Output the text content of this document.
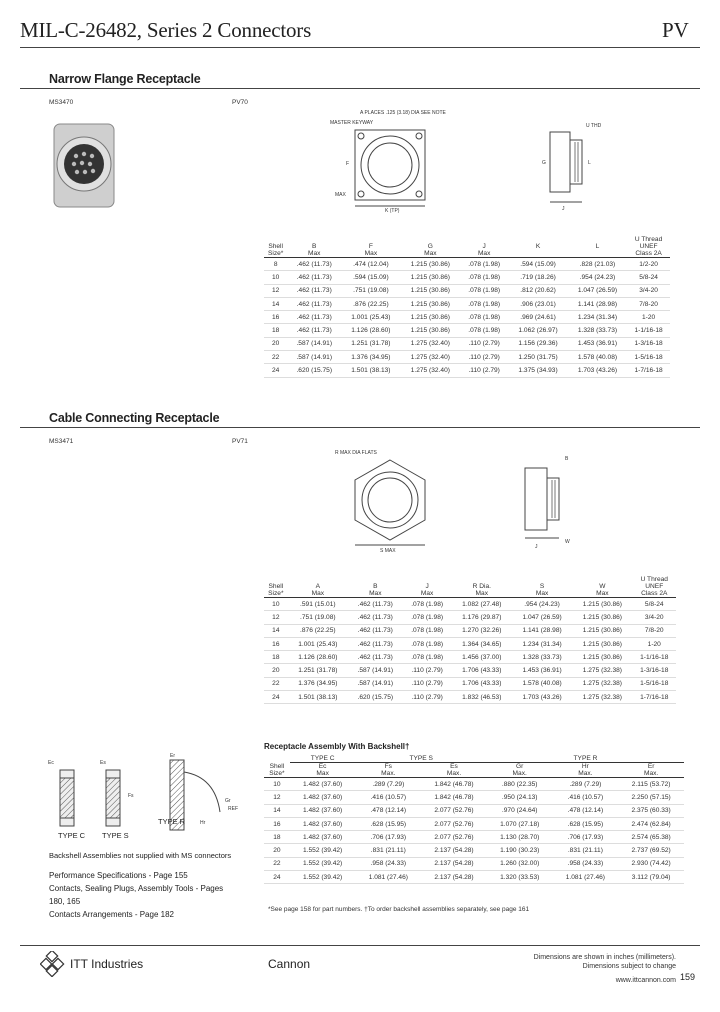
MIL-C-26482, Series 2 Connectors	PV
Narrow Flange Receptacle
MS3470	PV70
A PLACES .125 (3.18) DIA SEE NOTE
MASTER KEYWAY
K (TP)
MAX
F
U THD
G
J
L
							U Thread
Shell	B	F	G	J	K	L	UNEF
Size*	Max	Max	Max	Max			Class 2A
8	.462 (11.73)	.474 (12.04)	1.215 (30.86)	.078 (1.98)	.594 (15.09)	.828 (21.03)	1/2-20
10	.462 (11.73)	.594 (15.09)	1.215 (30.86)	.078 (1.98)	.719 (18.26)	.954 (24.23)	5/8-24
12	.462 (11.73)	.751 (19.08)	1.215 (30.86)	.078 (1.98)	.812 (20.62)	1.047 (26.59)	3/4-20
14	.462 (11.73)	.876 (22.25)	1.215 (30.86)	.078 (1.98)	.906 (23.01)	1.141 (28.98)	7/8-20
16	.462 (11.73)	1.001 (25.43)	1.215 (30.86)	.078 (1.98)	.969 (24.61)	1.234 (31.34)	1-20
18	.462 (11.73)	1.126 (28.60)	1.215 (30.86)	.078 (1.98)	1.062 (26.97)	1.328 (33.73)	1-1/16-18
20	.587 (14.91)	1.251 (31.78)	1.275 (32.40)	.110 (2.79)	1.156 (29.36)	1.453 (36.91)	1-3/16-18
22	.587 (14.91)	1.376 (34.95)	1.275 (32.40)	.110 (2.79)	1.250 (31.75)	1.578 (40.08)	1-5/16-18
24	.620 (15.75)	1.501 (38.13)	1.275 (32.40)	.110 (2.79)	1.375 (34.93)	1.703 (43.26)	1-7/16-18
Cable Connecting Receptacle
MS3471	PV71
R MAX DIA FLATS
S MAX
W
J
B
							U Thread
Shell	A	B	J	R Dia.	S	W	UNEF
Size*	Max	Max	Max	Max	Max	Max	Class 2A
10	.591 (15.01)	.462 (11.73)	.078 (1.98)	1.082 (27.48)	.954 (24.23)	1.215 (30.86)	5/8-24
12	.751 (19.08)	.462 (11.73)	.078 (1.98)	1.176 (29.87)	1.047 (26.59)	1.215 (30.86)	3/4-20
14	.876 (22.25)	.462 (11.73)	.078 (1.98)	1.270 (32.26)	1.141 (28.98)	1.215 (30.86)	7/8-20
16	1.001 (25.43)	.462 (11.73)	.078 (1.98)	1.364 (34.65)	1.234 (31.34)	1.215 (30.86)	1-20
18	1.126 (28.60)	.462 (11.73)	.078 (1.98)	1.456 (37.00)	1.328 (33.73)	1.215 (30.86)	1-1/16-18
20	1.251 (31.78)	.587 (14.91)	.110 (2.79)	1.706 (43.33)	1.453 (36.91)	1.275 (32.38)	1-3/16-18
22	1.376 (34.95)	.587 (14.91)	.110 (2.79)	1.706 (43.33)	1.578 (40.08)	1.275 (32.38)	1-5/16-18
24	1.501 (38.13)	.620 (15.75)	.110 (2.79)	1.832 (46.53)	1.703 (43.26)	1.275 (32.38)	1-7/16-18
Ec
TYPE C
Es
Fs
TYPE S
Er
Gr
REF
Hr
TYPE R
Receptacle Assembly With Backshell†
	TYPE C	TYPE S		TYPE R		
Shell	Ec	Fs	Es	Gr	Hr	Er
Size*	Max	Max.	Max.	Max.	Max.	Max.
10	1.482 (37.60)	.289 (7.29)	1.842 (46.78)	.880 (22.35)	.289 (7.29)	2.115 (53.72)
12	1.482 (37.60)	.416 (10.57)	1.842 (46.78)	.950 (24.13)	.416 (10.57)	2.250 (57.15)
14	1.482 (37.60)	.478 (12.14)	2.077 (52.76)	.970 (24.64)	.478 (12.14)	2.375 (60.33)
16	1.482 (37.60)	.628 (15.95)	2.077 (52.76)	1.070 (27.18)	.628 (15.95)	2.474 (62.84)
18	1.482 (37.60)	.706 (17.93)	2.077 (52.76)	1.130 (28.70)	.706 (17.93)	2.574 (65.38)
20	1.552 (39.42)	.831 (21.11)	2.137 (54.28)	1.190 (30.23)	.831 (21.11)	2.737 (69.52)
22	1.552 (39.42)	.958 (24.33)	2.137 (54.28)	1.260 (32.00)	.958 (24.33)	2.930 (74.42)
24	1.552 (39.42)	1.081 (27.46)	2.137 (54.28)	1.320 (33.53)	1.081 (27.46)	3.112 (79.04)
*See page 158 for part numbers. †To order backshell assemblies separately, see page 161
Backshell Assemblies not supplied with MS connectors
Performance Specifications - Page 155
Contacts, Sealing Plugs, Assembly Tools - Pages
180, 165
Contacts Arrangements - Page 182
ITT Industries	Cannon	Dimensions are shown in inches (millimeters).
Dimensions subject to change
www.ittcannon.com 159
